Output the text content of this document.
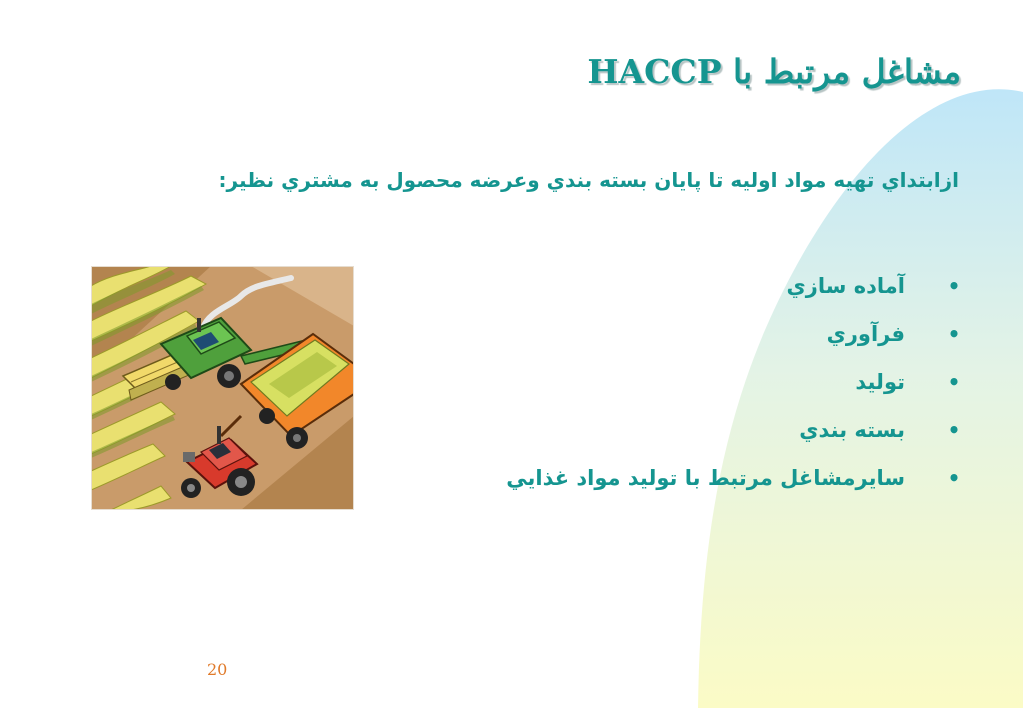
مشاغل مرتبط با HACCP
ازابتداي تهيه مواد اوليه تا پايان بسته بندي وعرضه محصول به مشتري نظير:
•
آماده سازي
•
فرآوري
•
توليد
•
بسته بندي
•
سايرمشاغل مرتبط با توليد مواد غذايي
20
